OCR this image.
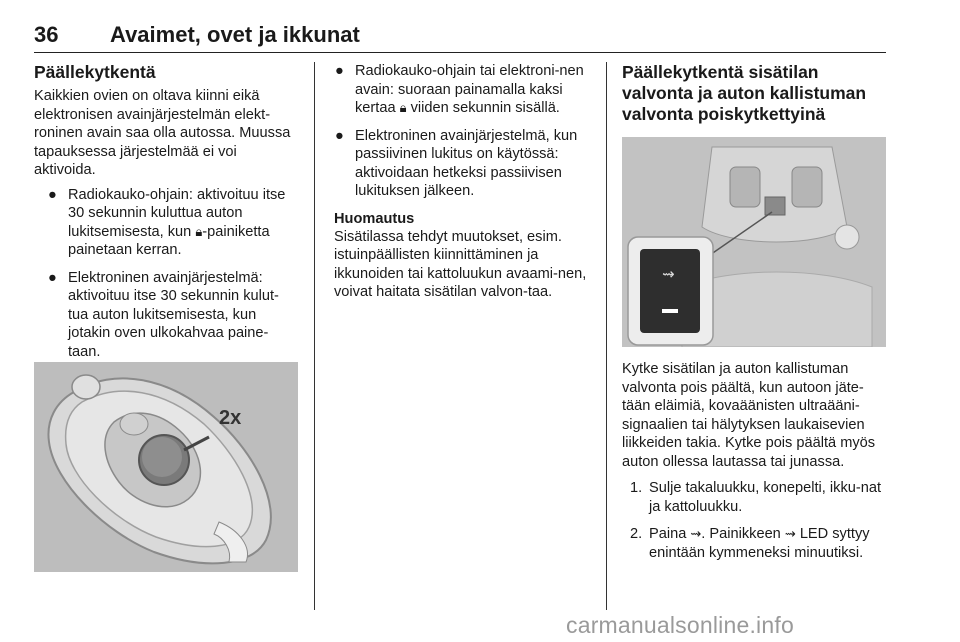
36 Avaimet, ovet ja ikkunat
Päällekytkentä

Kaikkien ovien on oltava kiinni eikä elektronisen avainjärjestelmän elekt-roninen avain saa olla autossa. Muussa tapauksessa järjestelmää ei voi aktivoida.

● Radiokauko-ohjain: aktivoituu itse 30 sekunnin kuluttua auton lukitsemisesta, kun 🔒︎-painiketta painetaan kerran.
● Elektroninen avainjärjestelmä: aktivoituu itse 30 sekunnin kulut-tua auton lukitsemisesta, kun jotakin oven ulkokahvaa paine-taan.
2x
● Radiokauko-ohjain tai elektroni-nen avain: suoraan painamalla kaksi kertaa 🔒︎ viiden sekunnin sisällä.
● Elektroninen avainjärjestelmä, kun passiivinen lukitus on käytössä: aktivoidaan hetkeksi passiivisen lukituksen jälkeen.
Huomautus

Sisätilassa tehdyt muutokset, esim. istuinpäällisten kiinnittäminen ja ikkunoiden tai kattoluukun avaami-nen, voivat haitata sisätilan valvon-taa.

Päällekytkentä sisätilan valvonta ja auton kallistuman valvonta poiskytkettyinä
⇝

Kytke sisätilan ja auton kallistuman valvonta pois päältä, kun autoon jäte-tään eläimiä, kovaäänisten ultraääni-signaalien tai hälytyksen laukaisevien liikkeiden takia. Kytke pois päältä myös auton ollessa lautassa tai junassa.

1. Sulje takaluukku, konepelti, ikku-nat ja kattoluukku.
2. Paina ⇝. Painikkeen ⇝ LED syttyy enintään kymmeneksi minuutiksi.
carmanualsonline.info
